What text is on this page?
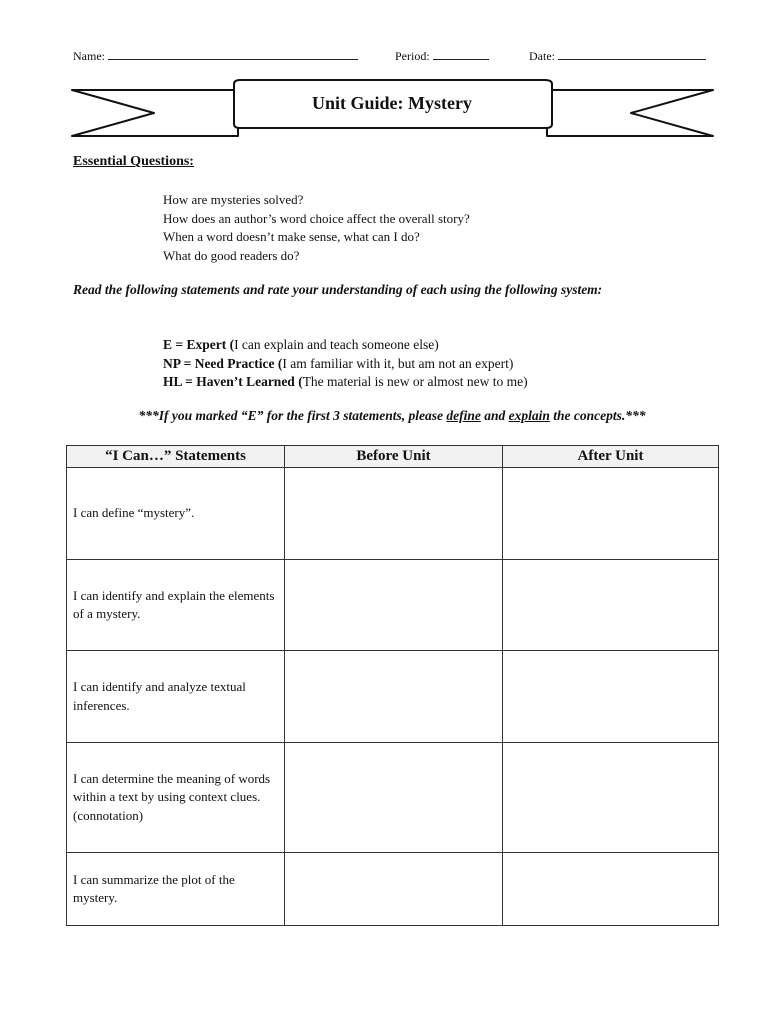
Name:	Period:	Date:
Unit Guide: Mystery
Essential Questions:
How are mysteries solved?
How does an author’s word choice affect the overall story?
When a word doesn’t make sense, what can I do?
What do good readers do?
Read the following statements and rate your understanding of each using the following system:
E = Expert (I can explain and teach someone else)
NP = Need Practice (I am familiar with it, but am not an expert)
HL = Haven’t Learned (The material is new or almost new to me)
***If you marked “E” for the first 3 statements, please define and explain the concepts.***
“I Can…” Statements	Before Unit	After Unit
I can define “mystery”.		
I can identify and explain the elements of a mystery.		
I can identify and analyze textual inferences.		
I can determine the meaning of words within a text by using context clues. (connotation)		
I can summarize the plot of the mystery.		
